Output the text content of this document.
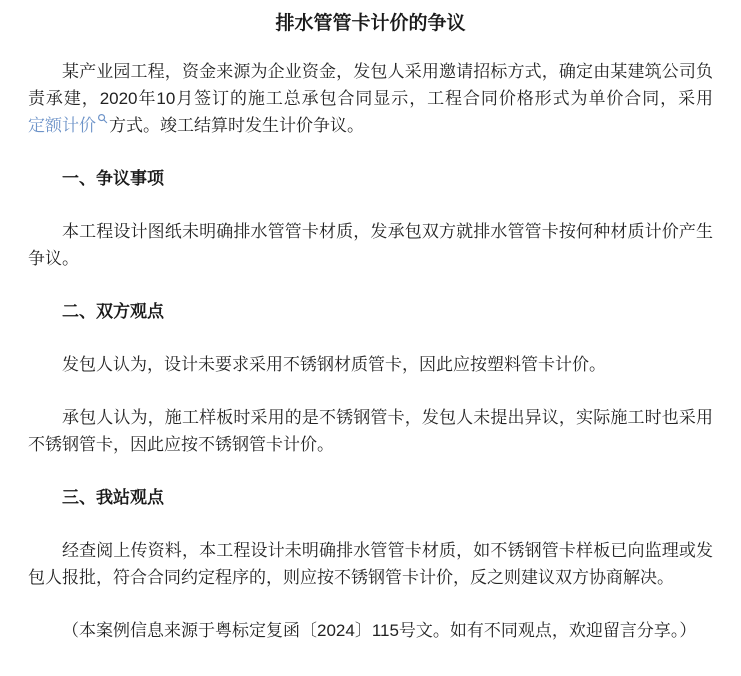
排水管管卡计价的争议

某产业园工程，资金来源为企业资金，发包人采用邀请招标方式，确定由某建筑公司负责承建，2020年10月签订的施工总承包合同显示，工程合同价格形式为单价合同，采用定额计价 方式。竣工结算时发生计价争议。

一、争议事项

本工程设计图纸未明确排水管管卡材质，发承包双方就排水管管卡按何种材质计价产生争议。

二、双方观点

发包人认为，设计未要求采用不锈钢材质管卡，因此应按塑料管卡计价。

承包人认为，施工样板时采用的是不锈钢管卡，发包人未提出异议，实际施工时也采用不锈钢管卡，因此应按不锈钢管卡计价。

三、我站观点

经查阅上传资料，本工程设计未明确排水管管卡材质，如不锈钢管卡样板已向监理或发包人报批，符合合同约定程序的，则应按不锈钢管卡计价，反之则建议双方协商解决。

（本案例信息来源于粤标定复函〔2024〕115号文。如有不同观点，欢迎留言分享。）
